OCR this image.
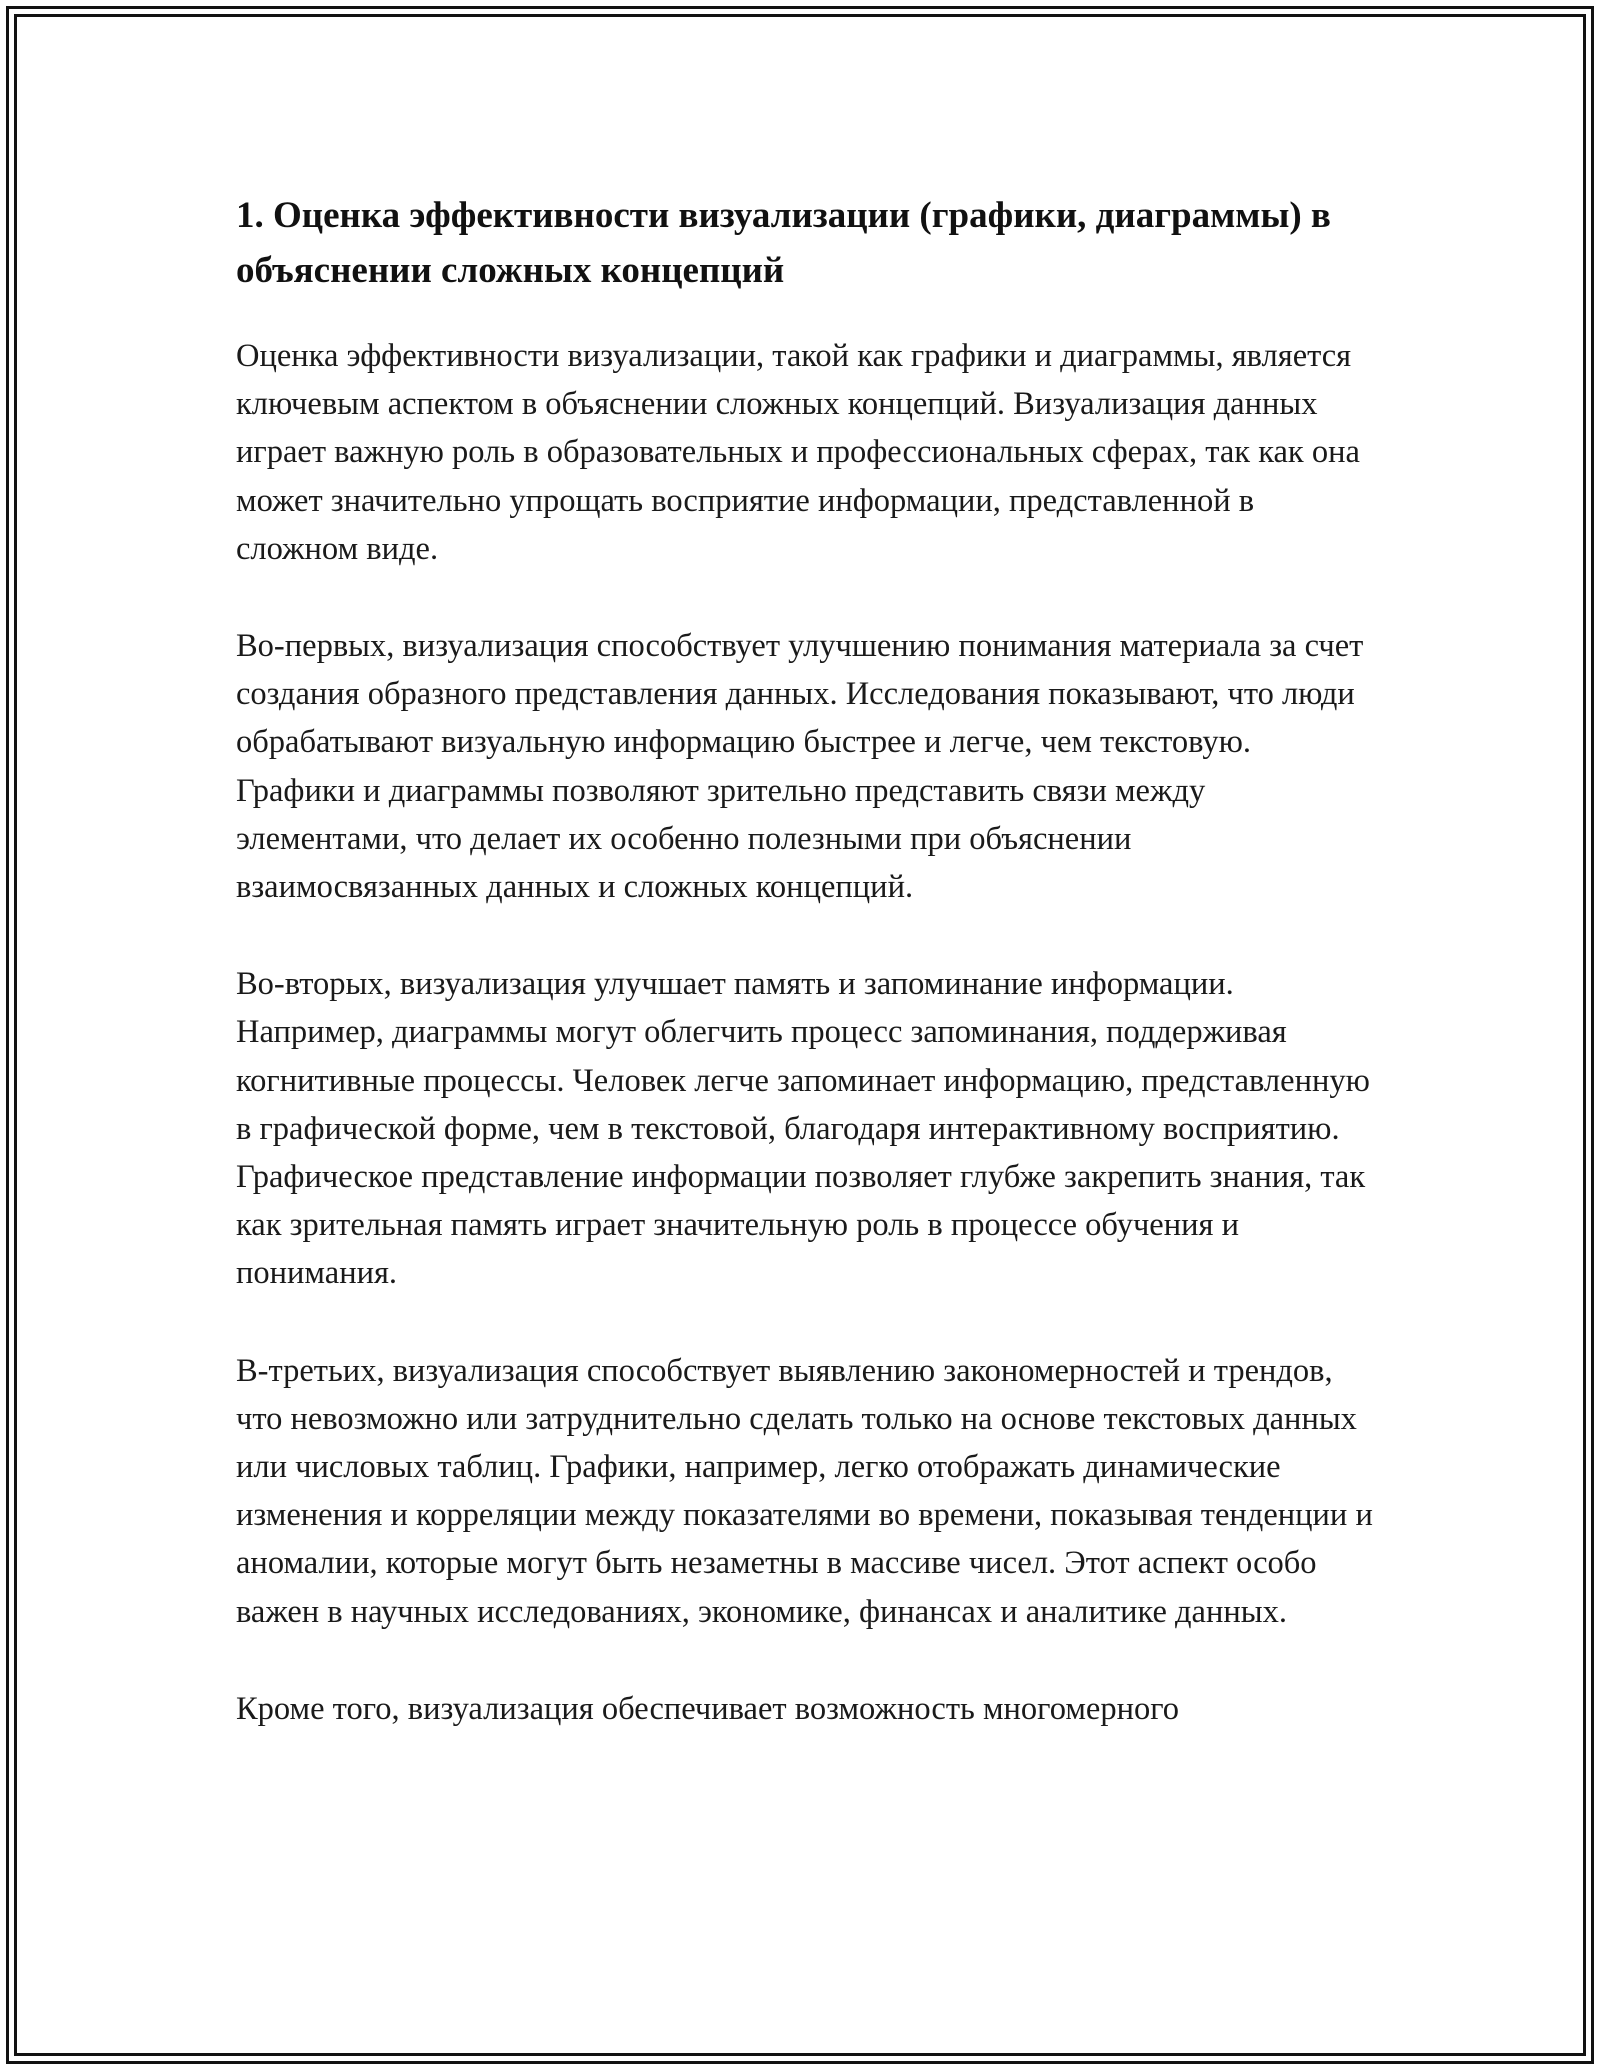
1. Оценка эффективности визуализации (графики, диаграммы) в объяснении сложных концепций

Оценка эффективности визуализации, такой как графики и диаграммы, является ключевым аспектом в объяснении сложных концепций. Визуализация данных играет важную роль в образовательных и профессиональных сферах, так как она может значительно упрощать восприятие информации, представленной в сложном виде.

Во-первых, визуализация способствует улучшению понимания материала за счет создания образного представления данных. Исследования показывают, что люди обрабатывают визуальную информацию быстрее и легче, чем текстовую. Графики и диаграммы позволяют зрительно представить связи между элементами, что делает их особенно полезными при объяснении взаимосвязанных данных и сложных концепций.

Во-вторых, визуализация улучшает память и запоминание информации. Например, диаграммы могут облегчить процесс запоминания, поддерживая когнитивные процессы. Человек легче запоминает информацию, представленную в графической форме, чем в текстовой, благодаря интерактивному восприятию. Графическое представление информации позволяет глубже закрепить знания, так как зрительная память играет значительную роль в процессе обучения и понимания.

В-третьих, визуализация способствует выявлению закономерностей и трендов, что невозможно или затруднительно сделать только на основе текстовых данных или числовых таблиц. Графики, например, легко отображать динамические изменения и корреляции между показателями во времени, показывая тенденции и аномалии, которые могут быть незаметны в массиве чисел. Этот аспект особо важен в научных исследованиях, экономике, финансах и аналитике данных.

Кроме того, визуализация обеспечивает возможность многомерного
